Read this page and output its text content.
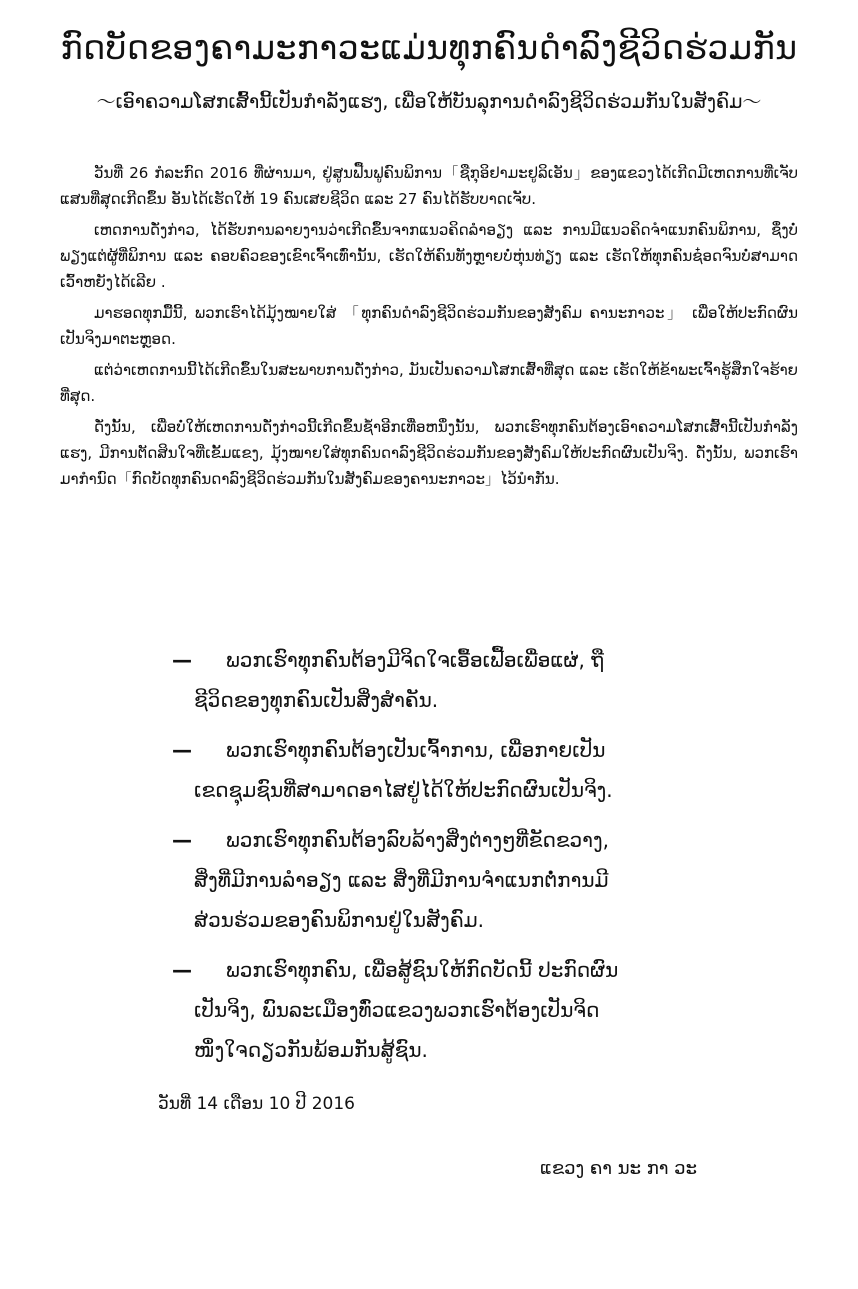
ກົດບັດຂອງຄາມະກາວະແມ່ນທຸກຄົນດຳລົງຊີວິດຮ່ວມກັນ
〜ເອົາຄວາມໂສກເສົ້ານີ້ເປັນກຳລັງແຮງ, ເພື່ອໃຫ້ບັນລຸການດຳລົງຊີວິດຮ່ວມກັນໃນສັງຄົມ〜

ວັນທີ່ 26 ກໍລະກົດ 2016 ທີ່ຜ່ານມາ, ຢູ່ສູນຟື້ນຟູຄົນພິການ「ຊືກຸອິຢາມະຢູລິເອັນ」ຂອງແຂວງໄດ້ເກີດມີເຫດການທີ່ເຈັບແສນທີ່ສຸດເກີດຂຶ້ນ ອັນໄດ້ເຮັດໃຫ້ 19 ຄົນເສຍຊີວິດ ແລະ 27 ຄົນໄດ້ຮັບບາດເຈັບ.

ເຫດການດັ່ງກ່າວ, ໄດ້ຮັບການລາຍງານວ່າເກີດຂຶ້ນຈາກແນວຄິດລໍາອຽງ ແລະ ການມີແນວຄິດຈໍາແນກຄົນພິການ, ຊຶ່ງບໍ່ພຽງແຕ່ຜູ້ທີ່ພິການ ແລະ ຄອບຄົວຂອງເຂົາເຈົ້າເທົ່ານັ້ນ, ເຮັດໃຫ້ຄົນທັງຫຼາຍບໍ່ຫຸ່ນທ່ຽງ ແລະ ເຮັດໃຫ້ທຸກຄົນຊ໋ອດຈົນບໍ່ສາມາດເວົ້າຫຍັງໄດ້ເລີຍ .

ມາຮອດທຸກມື້ນີ້, ພວກເຮົາໄດ້ມຸ້ງໝາຍໃສ່ 「ທຸກຄົນດຳລົງຊີວິດຮ່ວມກັນຂອງສັງຄົມ ຄານະກາວະ」 ເພື່ອໃຫ້ປະກົດຜົນເປັນຈິງມາຕະຫຼອດ.

ແຕ່ວ່າເຫດການນີ້ໄດ້ເກີດຂຶ້ນໃນສະພາບການດັ່ງກ່າວ, ມັນເປັນຄວາມໂສກເສົ້າທີ່ສຸດ ແລະ ເຮັດໃຫ້ຂ້າພະເຈົ້າຮູ້ສຶກໃຈຮ້າຍທີ່ສຸດ.

ດັ່ງນັ້ນ, ເພື່ອບໍ່ໃຫ້ເຫດການດັ່ງກ່າວນີ້ເກີດຂຶ້ນຊ້ຳອີກເທື່ອຫນຶ່ງນັ້ນ, ພວກເຮົາທຸກຄົນຕ້ອງເອົາຄວາມໂສກເສົ້ານີ້ເປັນກຳລັງແຮງ, ມີການຕັດສິນໃຈທີ່ເຂັ້ມແຂງ, ມຸ້ງໝາຍໃສ່ທຸກຄົນດາລົງຊີວິດຮ່ວມກັນຂອງສັງຄົມໃຫ້ປະກົດຜົນເປັນຈິງ. ດັ່ງນັ້ນ, ພວກເຮົາມາກໍານົດ「ກົດບັດທຸກຄົນດາລົງຊີວິດຮ່ວມກັນໃນສັງຄົມຂອງຄານະກາວະ」ໄວ້ນໍາກັນ.

— ພວກເຮົາທຸກຄົນຕ້ອງມີຈິດໃຈເອື້ອເຟື້ອເພື່ອແຜ່, ຖື
ຊີວິດຂອງທຸກຄົນເປັນສິ່ງສຳຄັນ.
— ພວກເຮົາທຸກຄົນຕ້ອງເປັນເຈົ້າການ, ເພື່ອກາຍເປັນ
ເຂດຊຸມຊົນທີ່ສາມາດອາໄສຢູ່ໄດ້ໃຫ້ປະກົດຜົນເປັນຈິງ.
— ພວກເຮົາທຸກຄົນຕ້ອງລົບລ້າງສິ່ງຕ່າງໆທີ່ຂັດຂວາງ,
ສິ່ງທີ່ມີການລຳອຽງ ແລະ ສິ່ງທີ່ມີການຈຳແນກຕໍ່ການມີ
ສ່ວນຮ່ວມຂອງຄົນພິການຢູ່ໃນສັງຄົມ.
— ພວກເຮົາທຸກຄົນ, ເພື່ອສູ້ຊົນໃຫ້ກົດບັດນີ້ ປະກົດຜົນ
ເປັນຈິງ, ພົນລະເມືອງທົ່ວແຂວງພວກເຮົາຕ້ອງເປັນຈິດ
ໜຶ່ງໃຈດຽວກັນພ້ອມກັນສູ້ຊົນ.
ວັນທີ່ 14 ເດືອນ 10 ປີ 2016
ແຂວງ ຄາ ນະ ກາ ວະ
